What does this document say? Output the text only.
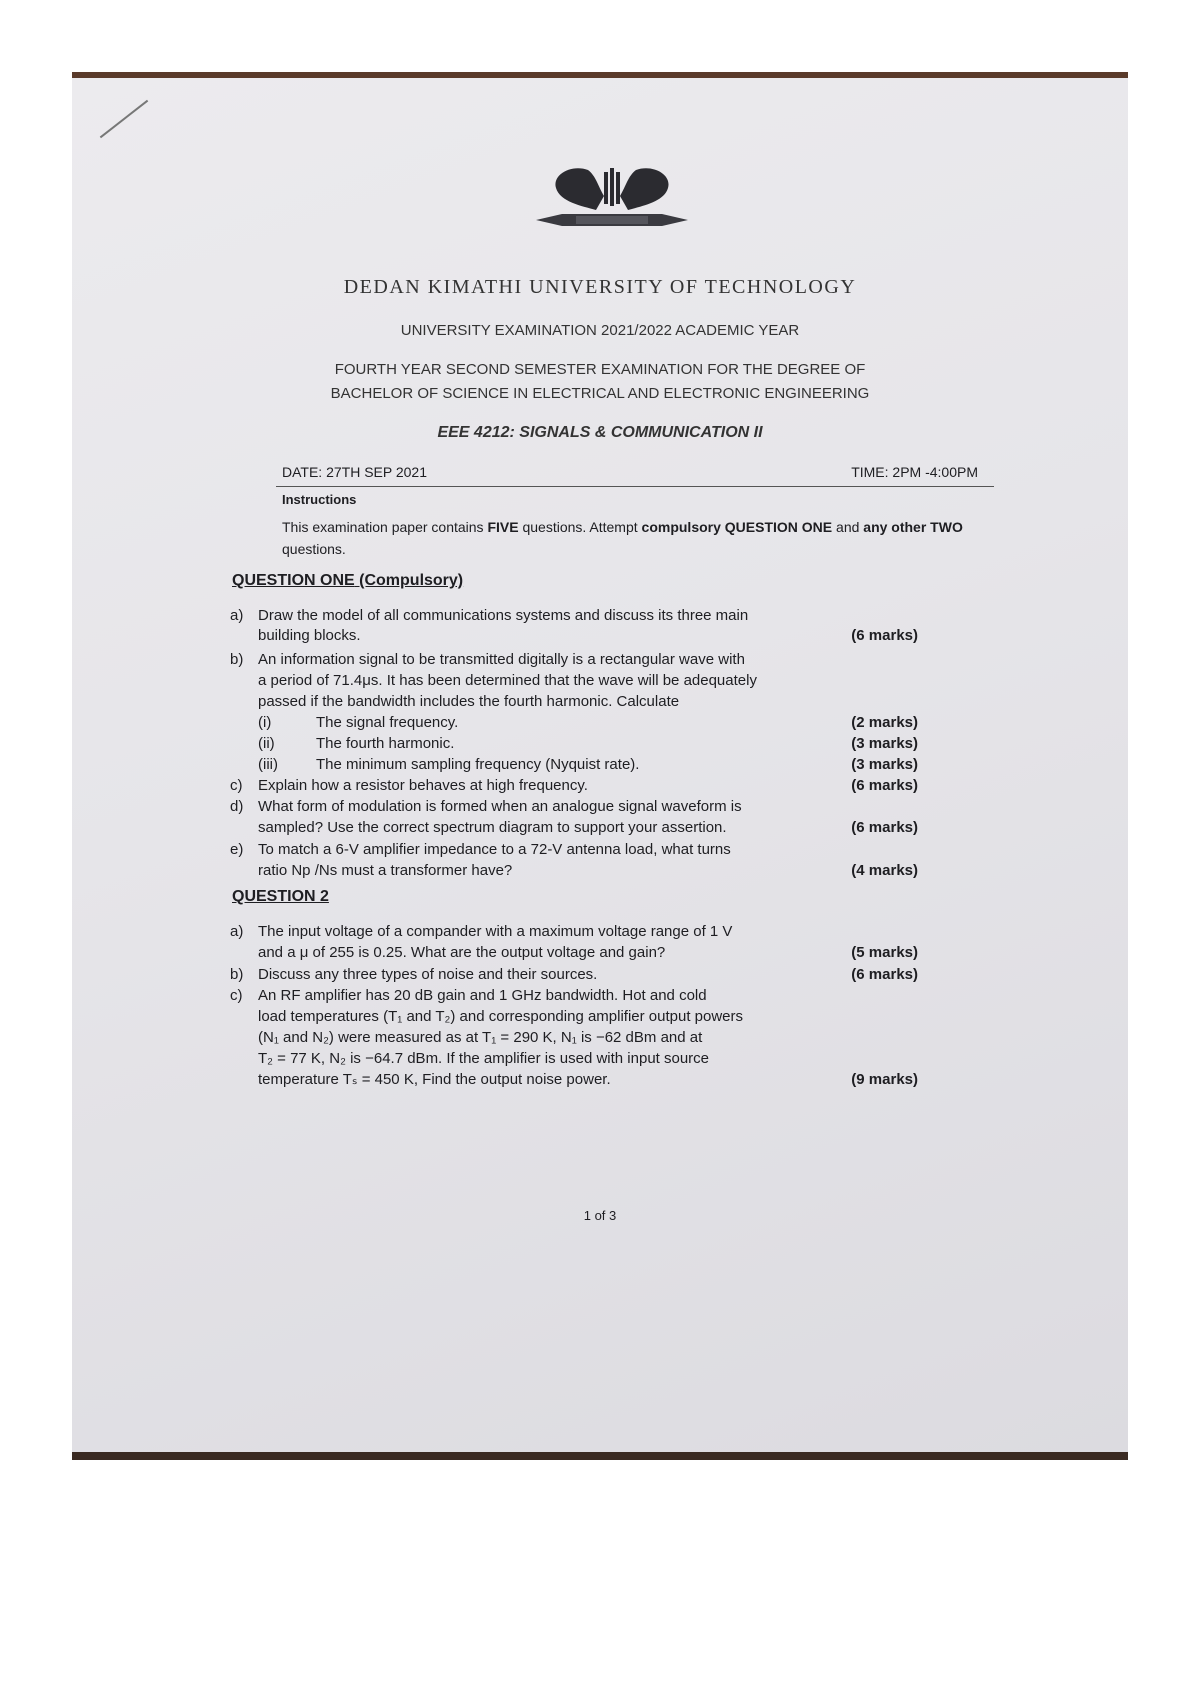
DEDAN KIMATHI UNIVERSITY OF TECHNOLOGY
UNIVERSITY EXAMINATION 2021/2022 ACADEMIC YEAR
FOURTH YEAR SECOND SEMESTER EXAMINATION FOR THE DEGREE OF
BACHELOR OF SCIENCE IN ELECTRICAL AND ELECTRONIC ENGINEERING
EEE 4212: SIGNALS & COMMUNICATION II
DATE: 27TH SEP 2021	TIME: 2PM -4:00PM
Instructions
This examination paper contains FIVE questions. Attempt compulsory QUESTION ONE and any other TWO questions.
QUESTION ONE (Compulsory)
a) Draw the model of all communications systems and discuss its three main
building blocks.	(6 marks)
b) An information signal to be transmitted digitally is a rectangular wave with
a period of 71.4μs. It has been determined that the wave will be adequately
passed if the bandwidth includes the fourth harmonic. Calculate
(i)	The signal frequency.	(2 marks)
(ii)	The fourth harmonic.	(3 marks)
(iii)	The minimum sampling frequency (Nyquist rate).	(3 marks)
c) Explain how a resistor behaves at high frequency.	(6 marks)
d) What form of modulation is formed when an analogue signal waveform is
sampled? Use the correct spectrum diagram to support your assertion.	(6 marks)
e) To match a 6-V amplifier impedance to a 72-V antenna load, what turns
ratio Np /Ns must a transformer have?	(4 marks)
QUESTION 2
a) The input voltage of a compander with a maximum voltage range of 1 V
and a μ of 255 is 0.25. What are the output voltage and gain?	(5 marks)
b) Discuss any three types of noise and their sources.	(6 marks)
c) An RF amplifier has 20 dB gain and 1 GHz bandwidth. Hot and cold
load temperatures (T₁ and T₂) and corresponding amplifier output powers
(N₁ and N₂) were measured as at T₁ = 290 K, N₁ is −62 dBm and at
T₂ = 77 K, N₂ is −64.7 dBm. If the amplifier is used with input source
temperature Tₛ = 450 K, Find the output noise power.	(9 marks)
1 of 3
